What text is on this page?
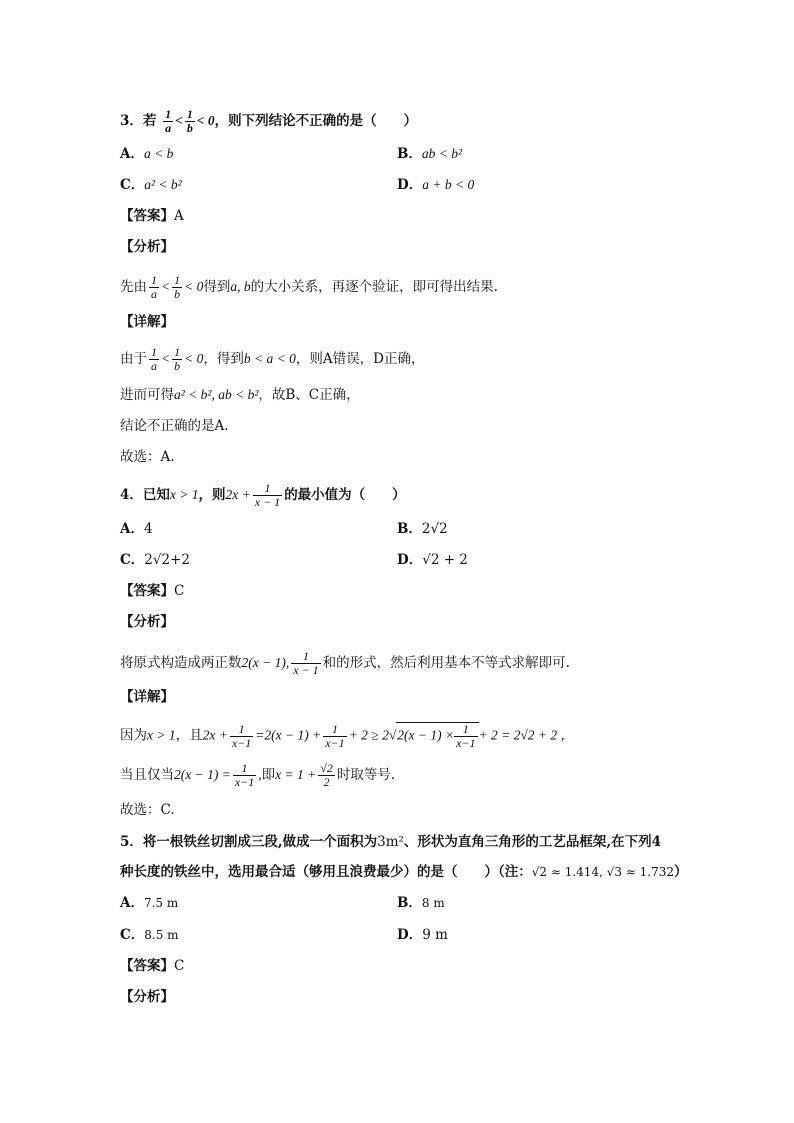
3．若 $\frac{1}{a} < \frac{1}{b} < 0$，则下列结论不正确的是（　　）
A．a < b	B．ab < b²
C．a² < b²	D．a + b < 0
【答案】A
【分析】
先由 $\frac{1}{a} < \frac{1}{b} < 0$得到a, b的大小关系，再逐个验证，即可得出结果.
【详解】
由于 $\frac{1}{a} < \frac{1}{b} < 0$，得到b < a < 0，则A错误，D正确，
进而可得a² < b², ab < b²，故B、C正确，
结论不正确的是A.
故选：A.
4．已知x > 1，则$2x + \frac{1}{x - 1}$ 的最小值为（　　）
A．4	B．2√2
C．2√2+2	D．√2 + 2
【答案】C
【分析】
将原式构造成两正数2(x − 1), $\frac{1}{x - 1}$ 和的形式，然后利用基本不等式求解即可.
【详解】
因为x > 1，且$2x + \frac{1}{x-1} =2(x - 1) + \frac{1}{x-1} + 2 \ge 2√2(x - 1) \times \frac{1}{x-1} + 2 = 2√2 + 2$ ，
当且仅当$2(x - 1) = \frac{1}{x-1}$ ,即$x = 1 + \frac{√2}{2}$ 时取等号.
故选：C.
5．将一根铁丝切割成三段,做成一个面积为3m²、形状为直角三角形的工艺品框架,在下列4
种长度的铁丝中，选用最合适（够用且浪费最少）的是（　　）（注：√2 ≈ 1.414, √3 ≈ 1.732）
A．7.5 m	B．8 m
C．8.5 m	D．9 m
【答案】C
【分析】
